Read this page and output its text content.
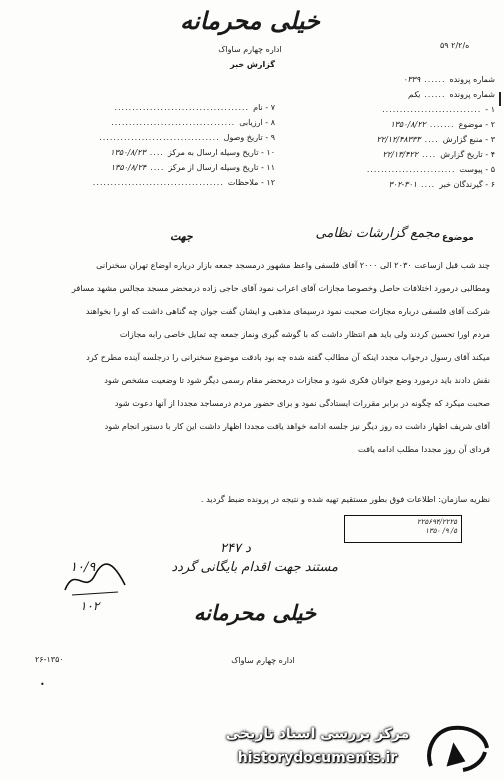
خیلی محرمانه
ه/۲/۲ ۵۹
اداره چهارم ساواک
گزارش خبر
شماره پرونده......۰۳۳۹
شماره پرونده......یکم
۱ -............................
۲ - موضوع.......۱۳۵۰/۸/۲۲
۳ - منبع گزارش....۲۲/۱۲/۴۸۳۳۳
۴ - تاریخ گزارش....۲۲/۱۳/۴۲۲
۵ - پیوست.........................
۶ - گیرندگان خبر....۳۰۲-۳۰۱
۷ - نام......................................
۸ - ارزیابی...................................
۹ - تاریخ وصول..................................
۱۰ - تاریخ وسیله ارسال به مرکز....۱۳۵۰/۸/۲۳
۱۱ - تاریخ وسیله ارسال از مرکز....۱۳۵۰/۸/۲۴
۱۲ - ملاحظات.....................................
موضوع
مجمع گزارشات نظامی
جهت
چند شب قبل ازساعت ۲۰۳۰ الی ۲۰۰۰ آقای فلسفی واعظ مشهور درمسجد جمعه بازار درباره اوضاع تهران سخنرانی
ومطالبی درمورد اختلافات حاصل وخصوصا مجازات آقای اعراب نمود آقای حاجی زاده درمحضر مسجد مجالس مشهد مسافر
شرکت آقای فلسفی درباره مجازات صحبت نمود درسیمای مذهبی و ایشان گفت جوان چه گناهی داشت که او را بخواهند
مردم اورا تحسین کردند ولی باید هم انتظار داشت که با گوشه گیری ونماز جمعه چه تمایل خاصی رابه مجازات
میکند آقای رسول درجواب مجدد اینکه آن مطالب گفته شده چه بود بادقت موضوع سخنرانی را درجلسه آینده مطرح کرد
نقش دادند باید درمورد وضع جوانان فکری شود و مجازات درمحضر مقام رسمی دیگر شود تا وضعیت مشخص شود
صحبت میکرد که چگونه در برابر مقررات ایستادگی نمود و برای حضور مردم درمساجد مجددا از آنها دعوت شود
آقای شریف اظهار داشت ده روز دیگر نیز جلسه ادامه خواهد یافت مجددا اظهار داشت این کار با دستور انجام شود
فردای آن روز مجددا مطلب ادامه یافت
نظریه سازمان: اطلاعات فوق بطور مستقیم تهیه شده و نتیجه در پرونده ضبط گردید .
۲۲۵۶۹۴/۲۲۲۵
۵/ ۹/ ۱۳۵۰
د ۲۴۷
مستند جهت اقدام بایگانی گردد
۱۰/۹
۱۰۲	خیلی محرمانه
اداره چهارم ساواک
۲۶-۱۳۵۰
•
مرکز بررسی اسناد تاریخی
historydocuments.ir
